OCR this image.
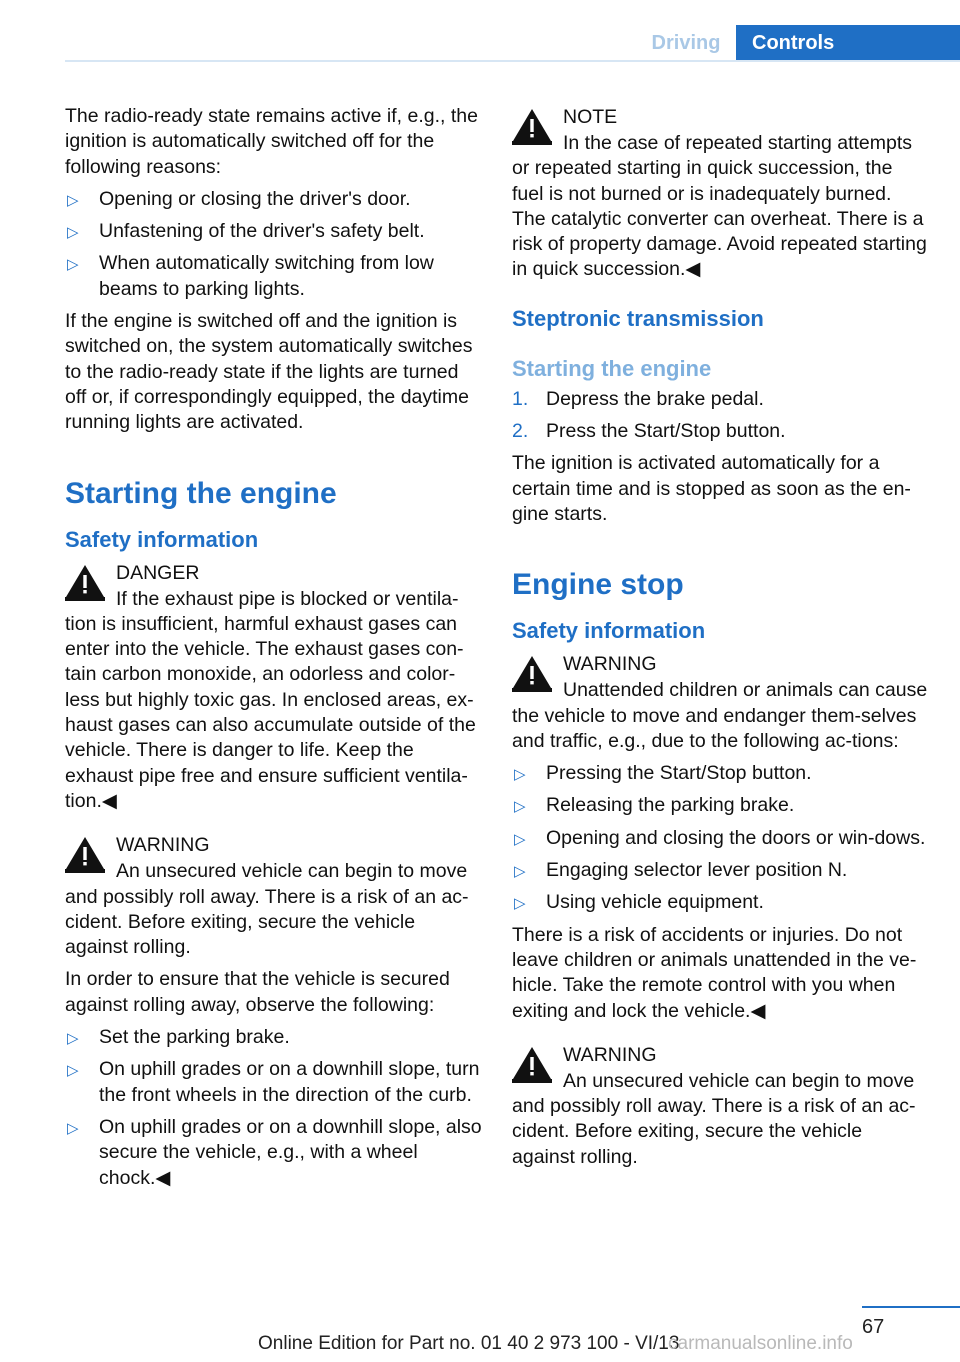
Driving	Controls

The radio-ready state remains active if, e.g., the ignition is automatically switched off for the following reasons:

▷ Opening or closing the driver's door.
▷ Unfastening of the driver's safety belt.
▷ When automatically switching from low beams to parking lights.

If the engine is switched off and the ignition is switched on, the system automatically switches to the radio-ready state if the lights are turned off or, if correspondingly equipped, the daytime running lights are activated.

Starting the engine
Safety information
DANGER
If the exhaust pipe is blocked or ventila-tion is insufficient, harmful exhaust gases can enter into the vehicle. The exhaust gases con-tain carbon monoxide, an odorless and color-less but highly toxic gas. In enclosed areas, ex-haust gases can also accumulate outside of the vehicle. There is danger to life. Keep the exhaust pipe free and ensure sufficient ventila-tion.◀
WARNING
An unsecured vehicle can begin to move and possibly roll away. There is a risk of an ac-cident. Before exiting, secure the vehicle against rolling.

In order to ensure that the vehicle is secured against rolling away, observe the following:

▷ Set the parking brake.
▷ On uphill grades or on a downhill slope, turn the front wheels in the direction of the curb.
▷ On uphill grades or on a downhill slope, also secure the vehicle, e.g., with a wheel chock.◀
NOTE
In the case of repeated starting attempts or repeated starting in quick succession, the fuel is not burned or is inadequately burned. The catalytic converter can overheat. There is a risk of property damage. Avoid repeated starting in quick succession.◀
Steptronic transmission
Starting the engine
1. Depress the brake pedal.
2. Press the Start/Stop button.

The ignition is activated automatically for a certain time and is stopped as soon as the en-gine starts.

Engine stop
Safety information
WARNING
Unattended children or animals can cause the vehicle to move and endanger them-selves and traffic, e.g., due to the following ac-tions:
▷ Pressing the Start/Stop button.
▷ Releasing the parking brake.
▷ Opening and closing the doors or win-dows.
▷ Engaging selector lever position N.
▷ Using vehicle equipment.

There is a risk of accidents or injuries. Do not leave children or animals unattended in the ve-hicle. Take the remote control with you when exiting and lock the vehicle.◀

WARNING
An unsecured vehicle can begin to move and possibly roll away. There is a risk of an ac-cident. Before exiting, secure the vehicle against rolling.
67
Online Edition for Part no. 01 40 2 973 100 - VI/13
carmanualsonline.info
